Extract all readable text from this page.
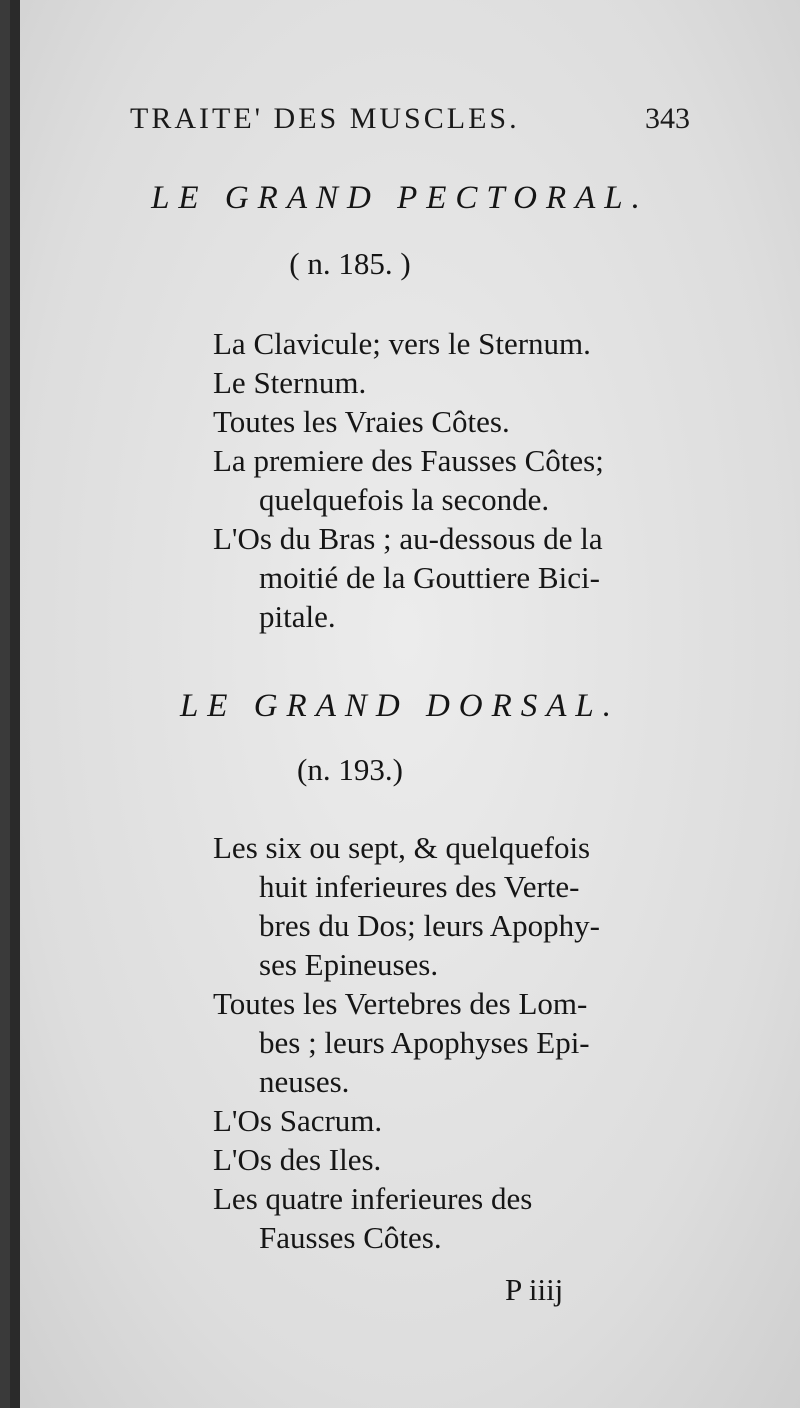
TRAITE' DES MUSCLES.	343
LE GRAND PECTORAL.
( n. 185. )
La Clavicule; vers le Sternum.
Le Sternum.
Toutes les Vraies Côtes.
La premiere des Fausses Côtes;
quelquefois la seconde.
L'Os du Bras ; au-dessous de la
moitié de la Gouttiere Bici-
pitale.
LE GRAND DORSAL.
(n. 193.)
Les six ou sept, & quelquefois
huit inferieures des Verte-
bres du Dos; leurs Apophy-
ses Epineuses.
Toutes les Vertebres des Lom-
bes ; leurs Apophyses Epi-
neuses.
L'Os Sacrum.
L'Os des Iles.
Les quatre inferieures des
Fausses Côtes.
P iiij
